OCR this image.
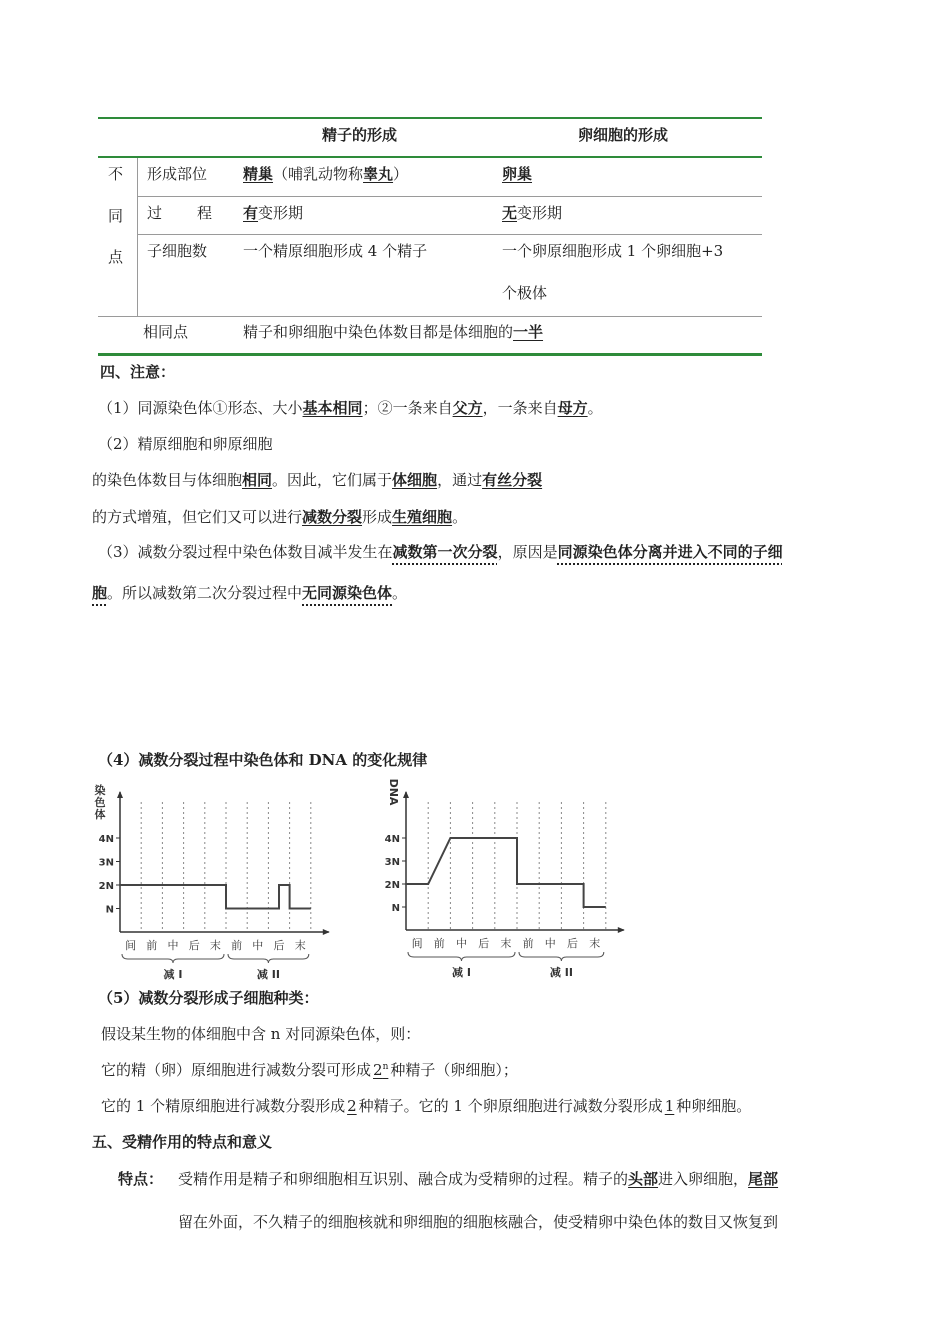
精子的形成	卵细胞的形成
不
同
点
形成部位 精巢（哺乳动物称睾丸）	卵巢
过 程 有变形期	无变形期
子细胞数 一个精原细胞形成 4 个精子	一个卵原细胞形成 1 个卵细胞+3
个极体
相同点	精子和卵细胞中染色体数目都是体细胞的一半
四、注意：
（1）同源染色体①形态、大小基本相同；②一条来自父方，一条来自母方。
（2）精原细胞和卵原细胞
的染色体数目与体细胞相同。因此，它们属于体细胞，通过有丝分裂
的方式增殖，但它们又可以进行减数分裂形成生殖细胞。
（3）减数分裂过程中染色体数目减半发生在减数第一次分裂，原因是同源染色体分离并进入不同的子细
胞。所以减数第二次分裂过程中无同源染色体。
（4）减数分裂过程中染色体和 DNA 的变化规律
染
色
体
N
2N
3N
4N
间 前 中 后 末 前 中 后 末
减 I	减 II
DNA
N
2N
3N
4N
间 前 中 后 末 前 中 后 末
减 I	减 II
（5）减数分裂形成子细胞种类：
假设某生物的体细胞中含 n 对同源染色体，则：
它的精（卵）原细胞进行减数分裂可形成 2$^n$ 种精子（卵细胞）；
它的 1 个精原细胞进行减数分裂形成 2 种精子。它的 1 个卵原细胞进行减数分裂形成 1 种卵细胞。
五、受精作用的特点和意义
特点： 受精作用是精子和卵细胞相互识别、融合成为受精卵的过程。精子的头部进入卵细胞，尾部
留在外面，不久精子的细胞核就和卵细胞的细胞核融合，使受精卵中染色体的数目又恢复到
